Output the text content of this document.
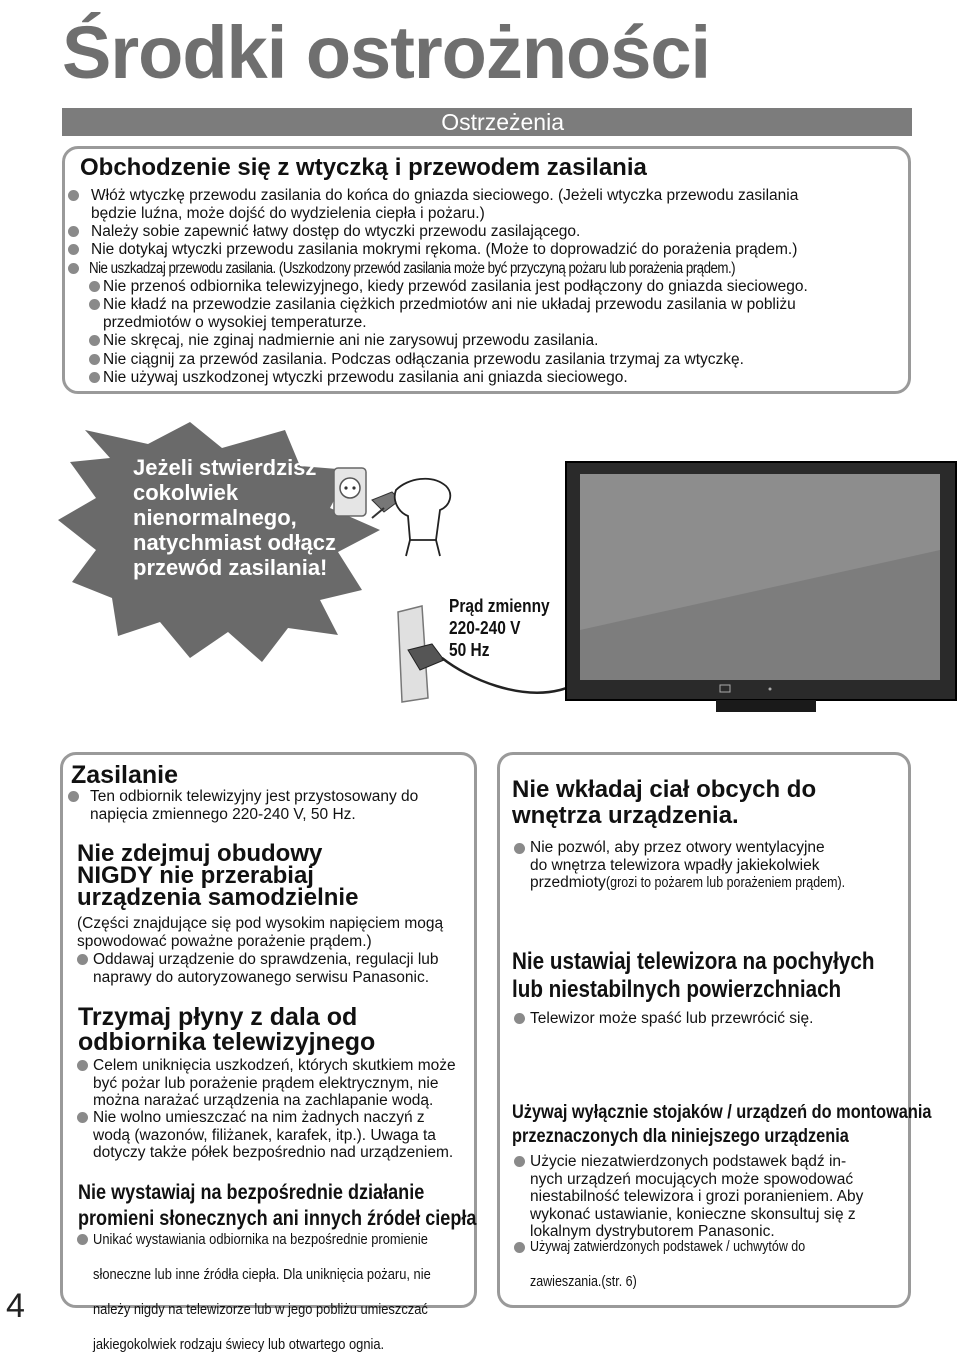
Środki ostrożności
Ostrzeżenia
Obchodzenie się z wtyczką i przewodem zasilania
Włóż wtyczkę przewodu zasilania do końca do gniazda sieciowego. (Jeżeli wtyczka przewodu zasilania
będzie luźna, może dojść do wydzielenia ciepła i pożaru.)
Należy sobie zapewnić łatwy dostęp do wtyczki przewodu zasilającego.
Nie dotykaj wtyczki przewodu zasilania mokrymi rękoma. (Może to doprowadzić do porażenia prądem.)
Nie uszkadzaj przewodu zasilania. (Uszkodzony przewód zasilania może być przyczyną pożaru lub porażenia prądem.)
Nie przenoś odbiornika telewizyjnego, kiedy przewód zasilania jest podłączony do gniazda sieciowego.
Nie kładź na przewodzie zasilania ciężkich przedmiotów ani nie układaj przewodu zasilania w pobliżu
przedmiotów o wysokiej temperaturze.
Nie skręcaj, nie zginaj nadmiernie ani nie zarysowuj przewodu zasilania.
Nie ciągnij za przewód zasilania. Podczas odłączania przewodu zasilania trzymaj za wtyczkę.
Nie używaj uszkodzonej wtyczki przewodu zasilania ani gniazda sieciowego.
Jeżeli stwierdzisz
cokolwiek
nienormalnego,
natychmiast odłącz
przewód zasilania!
Prąd zmienny
220-240 V
50 Hz
Zasilanie
Ten odbiornik telewizyjny jest przystosowany do
napięcia zmiennego 220-240 V, 50 Hz.
Nie zdejmuj obudowy
NIGDY nie przerabiaj
urządzenia samodzielnie
(Części znajdujące się pod wysokim napięciem mogą
spowodować poważne porażenie prądem.)
Oddawaj urządzenie do sprawdzenia, regulacji lub
naprawy do autoryzowanego serwisu Panasonic.
Trzymaj płyny z dala od
odbiornika telewizyjnego
Celem uniknięcia uszkodzeń, których skutkiem może
być pożar lub porażenie prądem elektrycznym, nie
można narażać urządzenia na zachlapanie wodą.
Nie wolno umieszczać na nim żadnych naczyń z
wodą (wazonów, filiżanek, karafek, itp.). Uwaga ta
dotyczy także półek bezpośrednio nad urządzeniem.
Nie wystawiaj na bezpośrednie działanie
promieni słonecznych ani innych źródeł ciepła
Unikać wystawiania odbiornika na bezpośrednie promienie

słoneczne lub inne źródła ciepła. Dla uniknięcia pożaru, nie

należy nigdy na telewizorze lub w jego pobliżu umieszczać

jakiegokolwiek rodzaju świecy lub otwartego ognia.
Nie wkładaj ciał obcych do
wnętrza urządzenia.
Nie pozwól, aby przez otwory wentylacyjne
do wnętrza telewizora wpadły jakiekolwiek
przedmioty(grozi to pożarem lub porażeniem prądem).
Nie ustawiaj telewizora na pochyłych
lub niestabilnych powierzchniach
Telewizor może spaść lub przewrócić się.
Używaj wyłącznie stojaków / urządzeń do montowania
przeznaczonych dla niniejszego urządzenia
Użycie niezatwierdzonych podstawek bądź in-
nych urządzeń mocujących może spowodować
niestabilność telewizora i grozi poranieniem. Aby
wykonać ustawianie, konieczne skonsultuj się z
lokalnym dystrybutorem Panasonic.
Używaj zatwierdzonych podstawek / uchwytów do

zawieszania.(str. 6)
4
